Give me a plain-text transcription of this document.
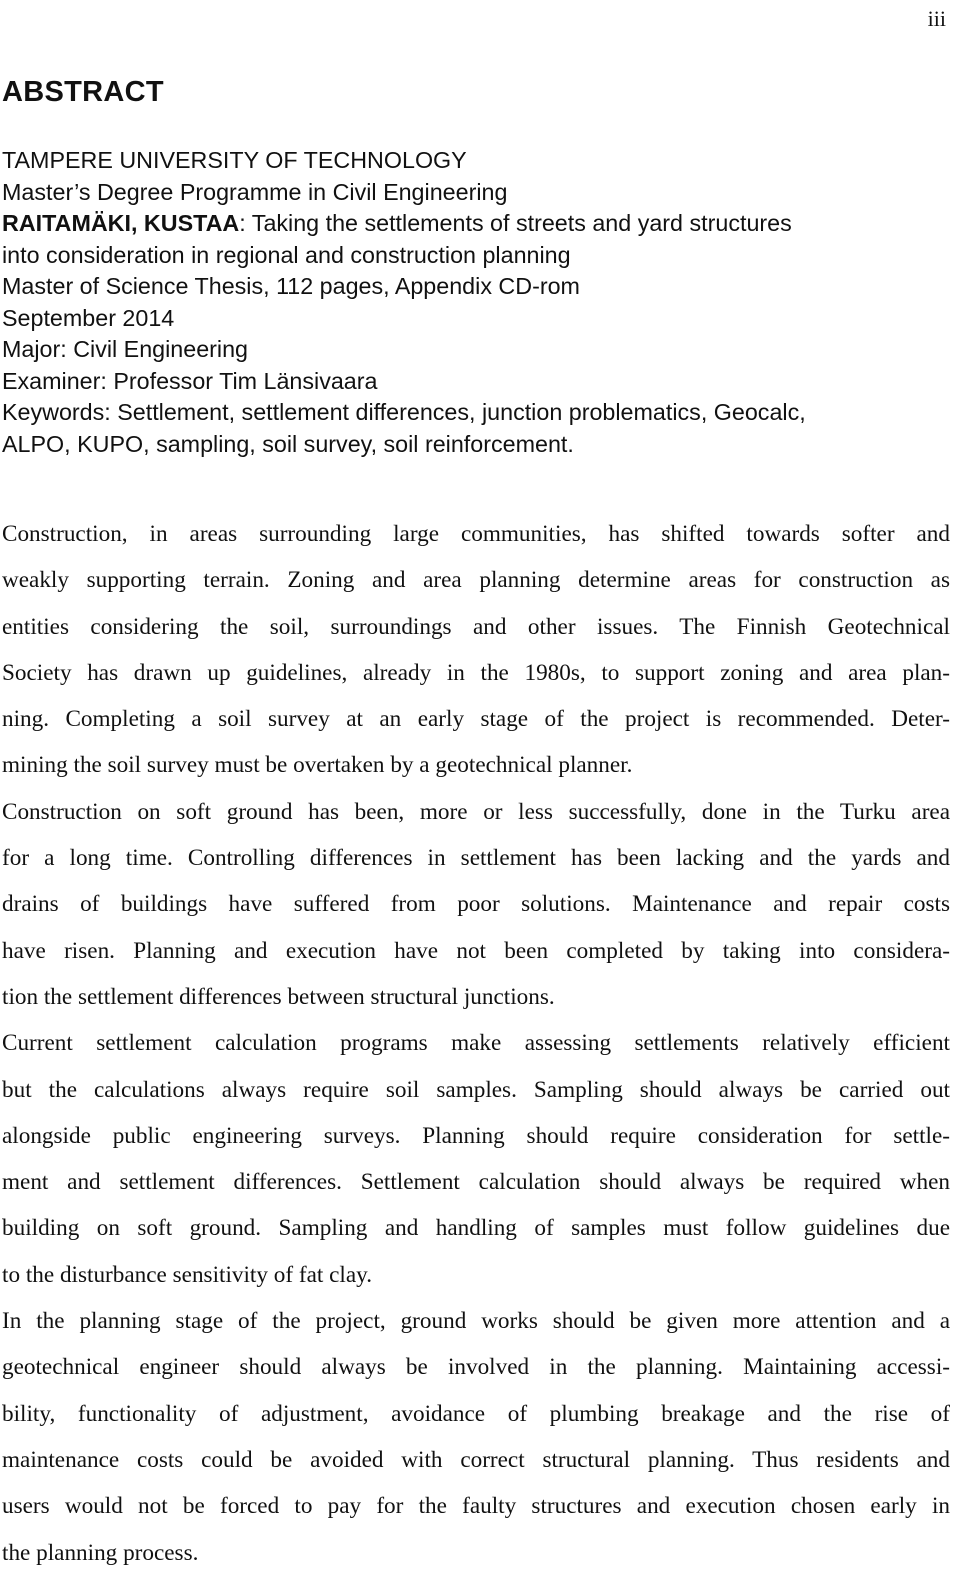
iii
ABSTRACT
TAMPERE UNIVERSITY OF TECHNOLOGY
Master’s Degree Programme in Civil Engineering
RAITAMÄKI, KUSTAA: Taking the settlements of streets and yard structures
into consideration in regional and construction planning
Master of Science Thesis, 112 pages, Appendix CD-rom
September 2014
Major: Civil Engineering
Examiner: Professor Tim Länsivaara
Keywords: Settlement, settlement differences, junction problematics, Geocalc,
ALPO, KUPO, sampling, soil survey, soil reinforcement.

Construction, in areas surrounding large communities, has shifted towards softer and
weakly supporting terrain. Zoning and area planning determine areas for construction as
entities considering the soil, surroundings and other issues. The Finnish Geotechnical
Society has drawn up guidelines, already in the 1980s, to support zoning and area plan-
ning. Completing a soil survey at an early stage of the project is recommended. Deter-
mining the soil survey must be overtaken by a geotechnical planner.

Construction on soft ground has been, more or less successfully, done in the Turku area
for a long time. Controlling differences in settlement has been lacking and the yards and
drains of buildings have suffered from poor solutions. Maintenance and repair costs
have risen. Planning and execution have not been completed by taking into considera-
tion the settlement differences between structural junctions.

Current settlement calculation programs make assessing settlements relatively efficient
but the calculations always require soil samples. Sampling should always be carried out
alongside public engineering surveys. Planning should require consideration for settle-
ment and settlement differences. Settlement calculation should always be required when
building on soft ground. Sampling and handling of samples must follow guidelines due
to the disturbance sensitivity of fat clay.

In the planning stage of the project, ground works should be given more attention and a
geotechnical engineer should always be involved in the planning. Maintaining accessi-
bility, functionality of adjustment, avoidance of plumbing breakage and the rise of
maintenance costs could be avoided with correct structural planning. Thus residents and
users would not be forced to pay for the faulty structures and execution chosen early in
the planning process.
